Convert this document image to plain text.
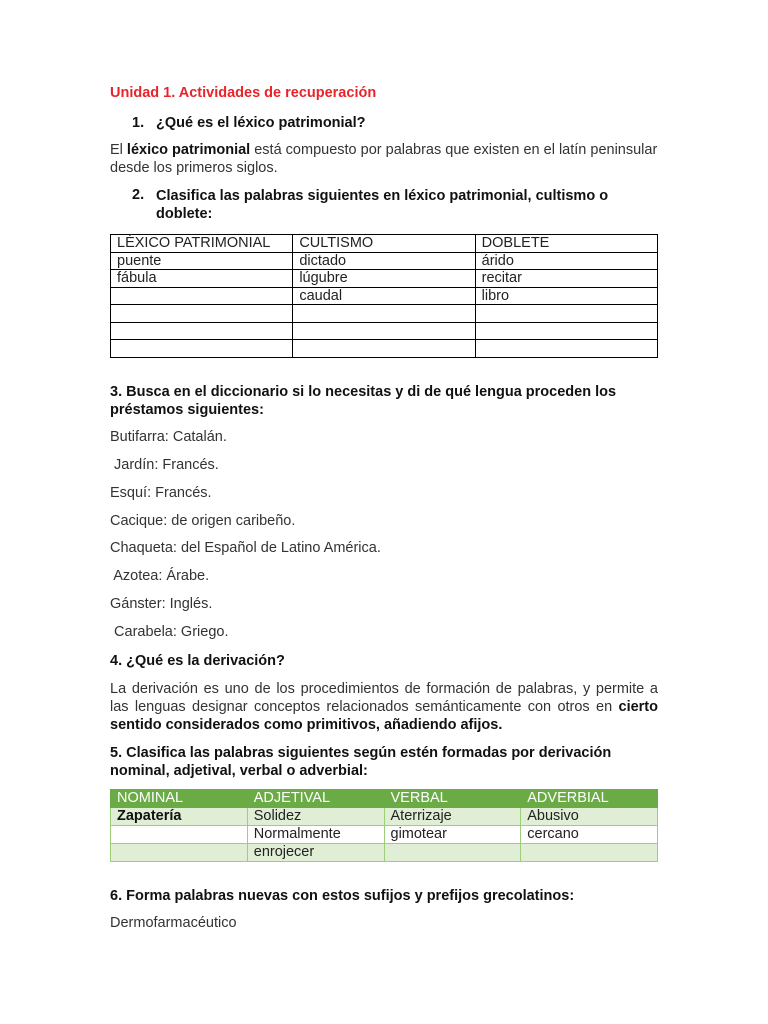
Unidad 1. Actividades de recuperación
1. ¿Qué es el léxico patrimonial?
El léxico patrimonial está compuesto por palabras que existen en el latín peninsular desde los primeros siglos.
2. Clasifica las palabras siguientes en léxico patrimonial, cultismo o doblete:
LÉXICO PATRIMONIAL	CULTISMO	DOBLETE
puente	dictado	árido
fábula	lúgubre	recitar
	caudal	libro

3. Busca en el diccionario si lo necesitas y di de qué lengua proceden los préstamos siguientes:
Butifarra: Catalán.
Jardín: Francés.
Esquí: Francés.
Cacique: de origen caribeño.
Chaqueta: del Español de Latino América.
Azotea: Árabe.
Gánster: Inglés.
Carabela: Griego.
4. ¿Qué es la derivación?
La derivación es uno de los procedimientos de formación de palabras, y permite a las lenguas designar conceptos relacionados semánticamente con otros en cierto sentido considerados como primitivos, añadiendo afijos.
5. Clasifica las palabras siguientes según estén formadas por derivación nominal, adjetival, verbal o adverbial:
NOMINAL	ADJETIVAL	VERBAL	ADVERBIAL
Zapatería	Solidez	Aterrizaje	Abusivo
	Normalmente	gimotear	cercano
	enrojecer		
6. Forma palabras nuevas con estos sufijos y prefijos grecolatinos:
Dermofarmacéutico
